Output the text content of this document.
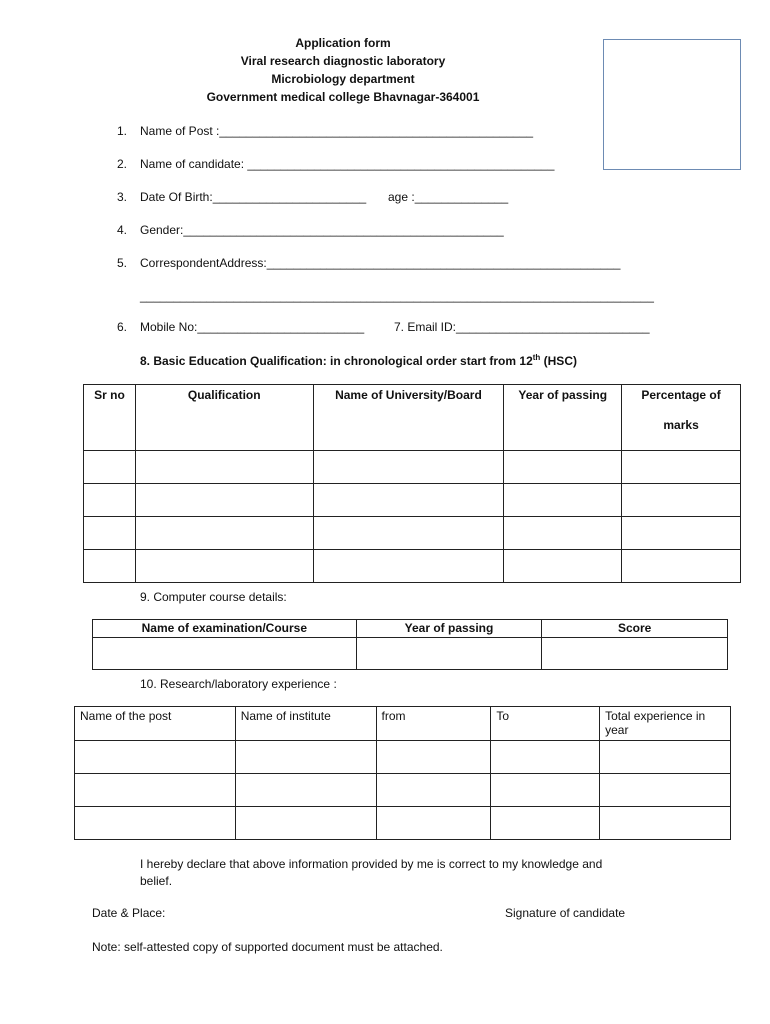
Application form
Viral research diagnostic laboratory
Microbiology department
Government medical college Bhavnagar-364001
1. Name of Post :_______________________________________________
2. Name of candidate: ______________________________________________
3. Date Of Birth:_______________________ age :______________
4. Gender:________________________________________________
5. CorrespondentAddress:_____________________________________________________
_____________________________________________________________________________
6. Mobile No:_________________________ 7. Email ID:_____________________________
8. Basic Education Qualification: in chronological order start from 12th (HSC)
Sr no	Qualification	Name of University/Board	Year of passing	Percentage of
marks

9. Computer course details:
Name of examination/Course	Year of passing	Score

10. Research/laboratory experience :
Name of the post	Name of institute	from	To	Total experience in
year

I hereby declare that above information provided by me is correct to my knowledge and
belief.
Date & Place:	Signature of candidate
Note: self-attested copy of supported document must be attached.
